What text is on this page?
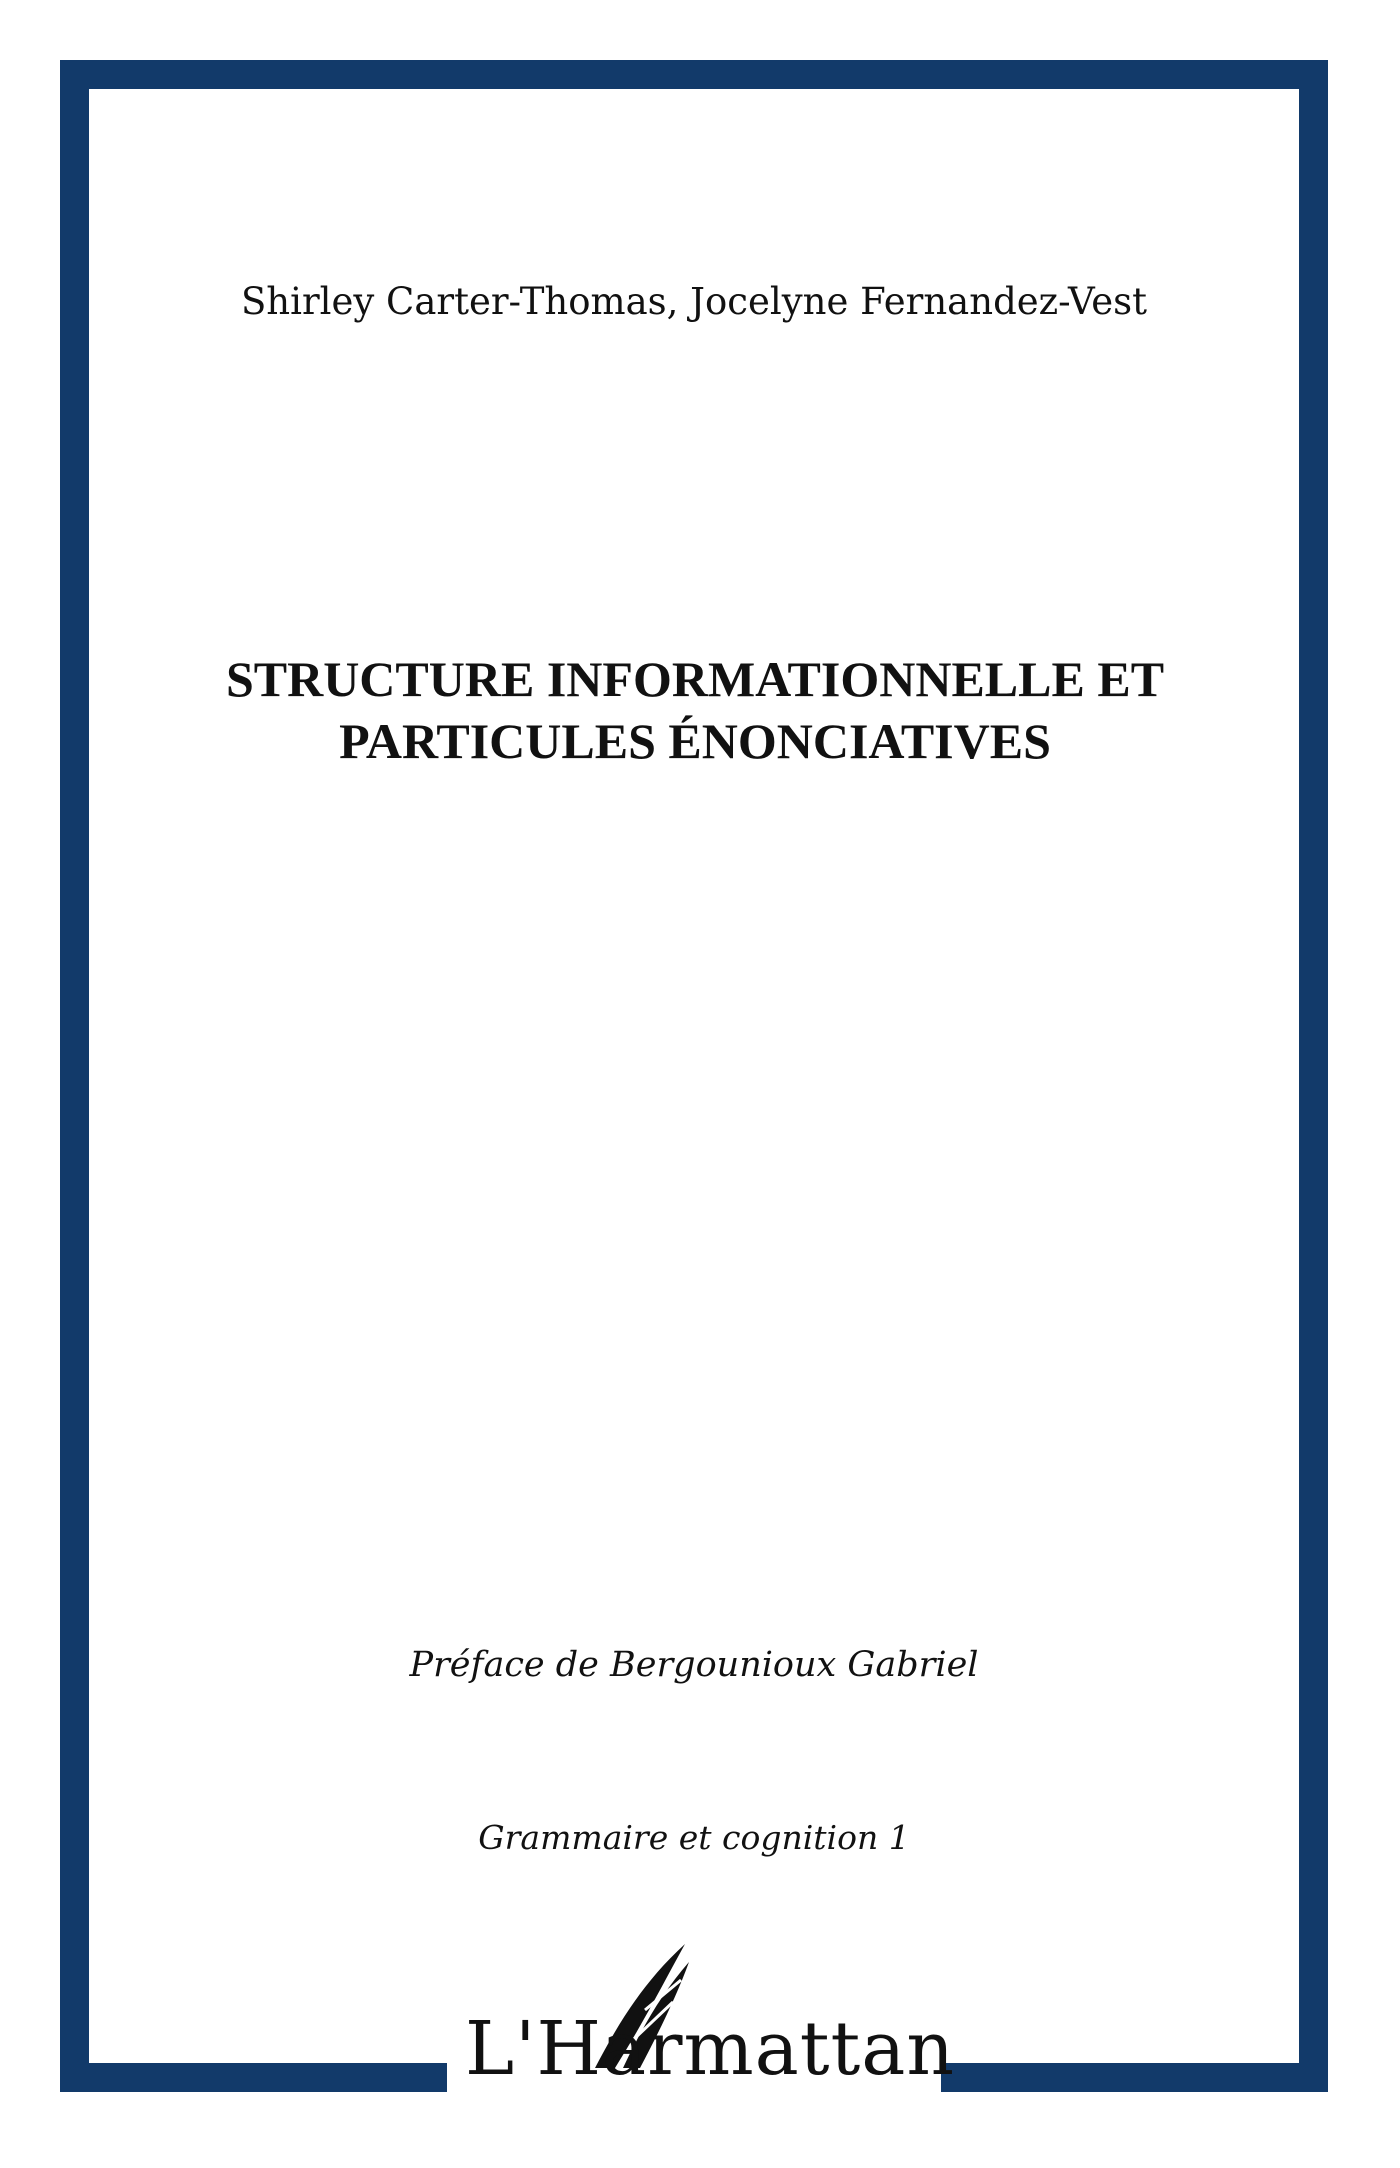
Shirley Carter-Thomas, Jocelyne Fernandez-Vest
STRUCTURE INFORMATIONNELLE ET
PARTICULES ÉNONCIATIVES
Préface de Bergounioux Gabriel
Grammaire et cognition 1
L'Harmattan
